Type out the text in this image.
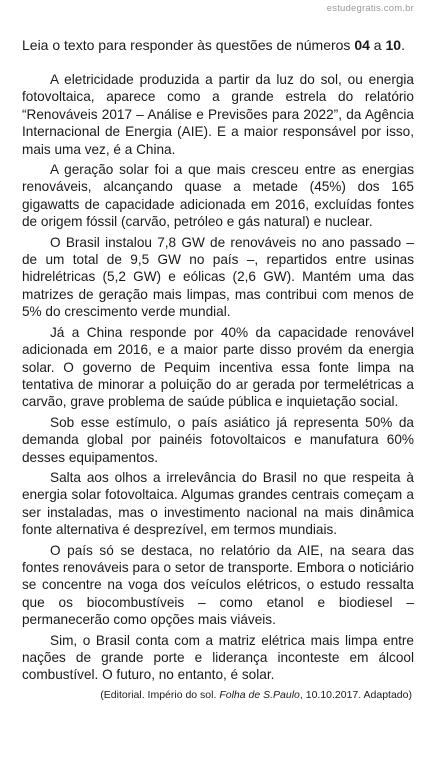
estudegratis.com.br
Leia o texto para responder às questões de números 04 a 10.

A eletricidade produzida a partir da luz do sol, ou energia fotovoltaica, aparece como a grande estrela do relatório “Renováveis 2017 – Análise e Previsões para 2022”, da Agência Internacional de Energia (AIE). E a maior responsável por isso, mais uma vez, é a China.

A geração solar foi a que mais cresceu entre as energias renováveis, alcançando quase a metade (45%) dos 165 gigawatts de capacidade adicionada em 2016, excluídas fontes de origem fóssil (carvão, petróleo e gás natural) e nuclear.

O Brasil instalou 7,8 GW de renováveis no ano passado – de um total de 9,5 GW no país –, repartidos entre usinas hidrelétricas (5,2 GW) e eólicas (2,6 GW). Mantém uma das matrizes de geração mais limpas, mas contribui com menos de 5% do crescimento verde mundial.

Já a China responde por 40% da capacidade renovável adicionada em 2016, e a maior parte disso provém da energia solar. O governo de Pequim incentiva essa fonte limpa na tentativa de minorar a poluição do ar gerada por termelétricas a carvão, grave problema de saúde pública e inquietação social.

Sob esse estímulo, o país asiático já representa 50% da demanda global por painéis fotovoltaicos e manufatura 60% desses equipamentos.

Salta aos olhos a irrelevância do Brasil no que respeita à energia solar fotovoltaica. Algumas grandes centrais começam a ser instaladas, mas o investimento nacional na mais dinâmica fonte alternativa é desprezível, em termos mundiais.

O país só se destaca, no relatório da AIE, na seara das fontes renováveis para o setor de transporte. Embora o noticiário se concentre na voga dos veículos elétricos, o estudo ressalta que os biocombustíveis – como etanol e biodiesel – permanecerão como opções mais viáveis.

Sim, o Brasil conta com a matriz elétrica mais limpa entre nações de grande porte e liderança inconteste em álcool combustível. O futuro, no entanto, é solar.

(Editorial. Império do sol. Folha de S.Paulo, 10.10.2017. Adaptado)
